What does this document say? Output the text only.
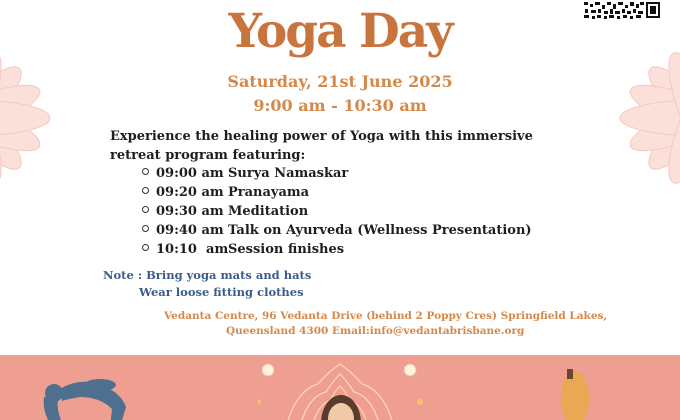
Yoga Day
Saturday, 21st June 2025
9:00 am - 10:30 am
Experience the healing power of Yoga with this immersive retreat program featuring:
09:00 am Surya Namaskar
09:20 am Pranayama
09:30 am Meditation
09:40 am Talk on Ayurveda (Wellness Presentation)
10:10  amSession finishes
Note : Bring yoga mats and hats
Wear loose fitting clothes
Vedanta Centre, 96 Vedanta Drive (behind 2 Poppy Cres) Springfield Lakes,
Queensland 4300 Email:info@vedantabrisbane.org
